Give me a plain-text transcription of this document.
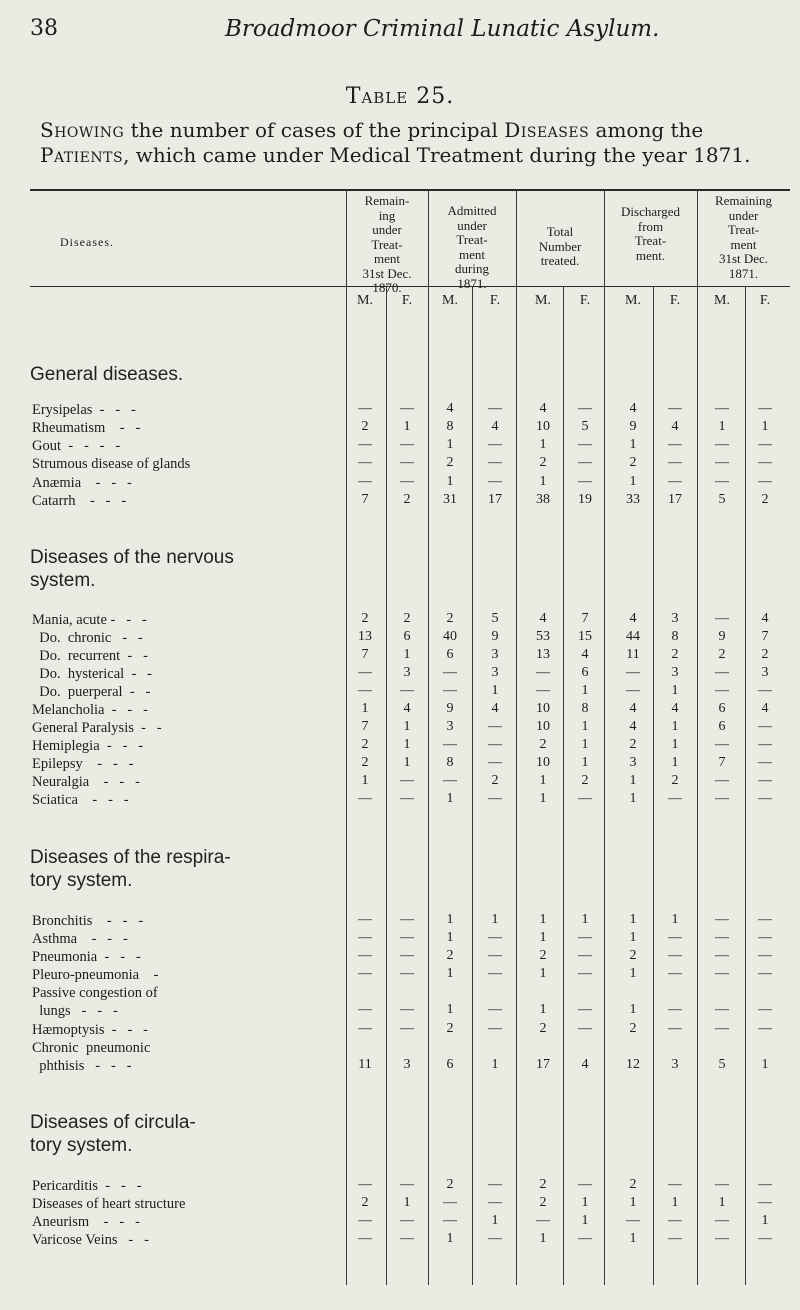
38	Broadmoor Criminal Lunatic Asylum.
Table 25.
Showing the number of cases of the principal Diseases among the Patients, which came under Medical Treatment during the year 1871.
Diseases.
Remain-
ing
under
Treat-
ment
31st Dec.
1870.
Admitted
under
Treat-
ment
during
1871.
Total
Number
treated.
Discharged
from
Treat-
ment.
Remaining
under
Treat-
ment
31st Dec.
1871.
M.	F.	M.	F.	M.	F.	M.	F.	M.	F.
General diseases.
Erysipelas  -   -   -	—	—	4	—	4	—	4	—	—	—
Rheumatism    -   -	2	1	8	4	10	5	9	4	1	1
Gout  -   -   -   -	—	—	1	—	1	—	1	—	—	—
Strumous disease of glands	—	—	2	—	2	—	2	—	—	—
Anæmia    -   -   -	—	—	1	—	1	—	1	—	—	—
Catarrh    -   -   -	7	2	31	17	38	19	33	17	5	2
Diseases of the nervous
system.
Mania, acute -   -   -	2	2	2	5	4	7	4	3	—	4
Do.  chronic   -   -	13	6	40	9	53	15	44	8	9	7
Do.  recurrent  -   -	7	1	6	3	13	4	11	2	2	2
Do.  hysterical  -   -	—	3	—	3	—	6	—	3	—	3
Do.  puerperal  -   -	—	—	—	1	—	1	—	1	—	—
Melancholia  -   -   -	1	4	9	4	10	8	4	4	6	4
General Paralysis  -   -	7	1	3	—	10	1	4	1	6	—
Hemiplegia  -   -   -	2	1	—	—	2	1	2	1	—	—
Epilepsy    -   -   -	2	1	8	—	10	1	3	1	7	—
Neuralgia    -   -   -	1	—	—	2	1	2	1	2	—	—
Sciatica    -   -   -	—	—	1	—	1	—	1	—	—	—
Diseases of the respira-
tory system.
Bronchitis    -   -   -	—	—	1	1	1	1	1	1	—	—
Asthma    -   -   -	—	—	1	—	1	—	1	—	—	—
Pneumonia  -   -   -	—	—	2	—	2	—	2	—	—	—
Pleuro-pneumonia    -	—	—	1	—	1	—	1	—	—	—
Passive congestion of
lungs   -   -   -	—	—	1	—	1	—	1	—	—	—
Hæmoptysis  -   -   -	—	—	2	—	2	—	2	—	—	—
Chronic  pneumonic
phthisis   -   -   -	11	3	6	1	17	4	12	3	5	1
Diseases of circula-
tory system.
Pericarditis  -   -   -	—	—	2	—	2	—	2	—	—	—
Diseases of heart structure	2	1	—	—	2	1	1	1	1	—
Aneurism    -   -   -	—	—	—	1	—	1	—	—	—	1
Varicose Veins   -   -	—	—	1	—	1	—	1	—	—	—
